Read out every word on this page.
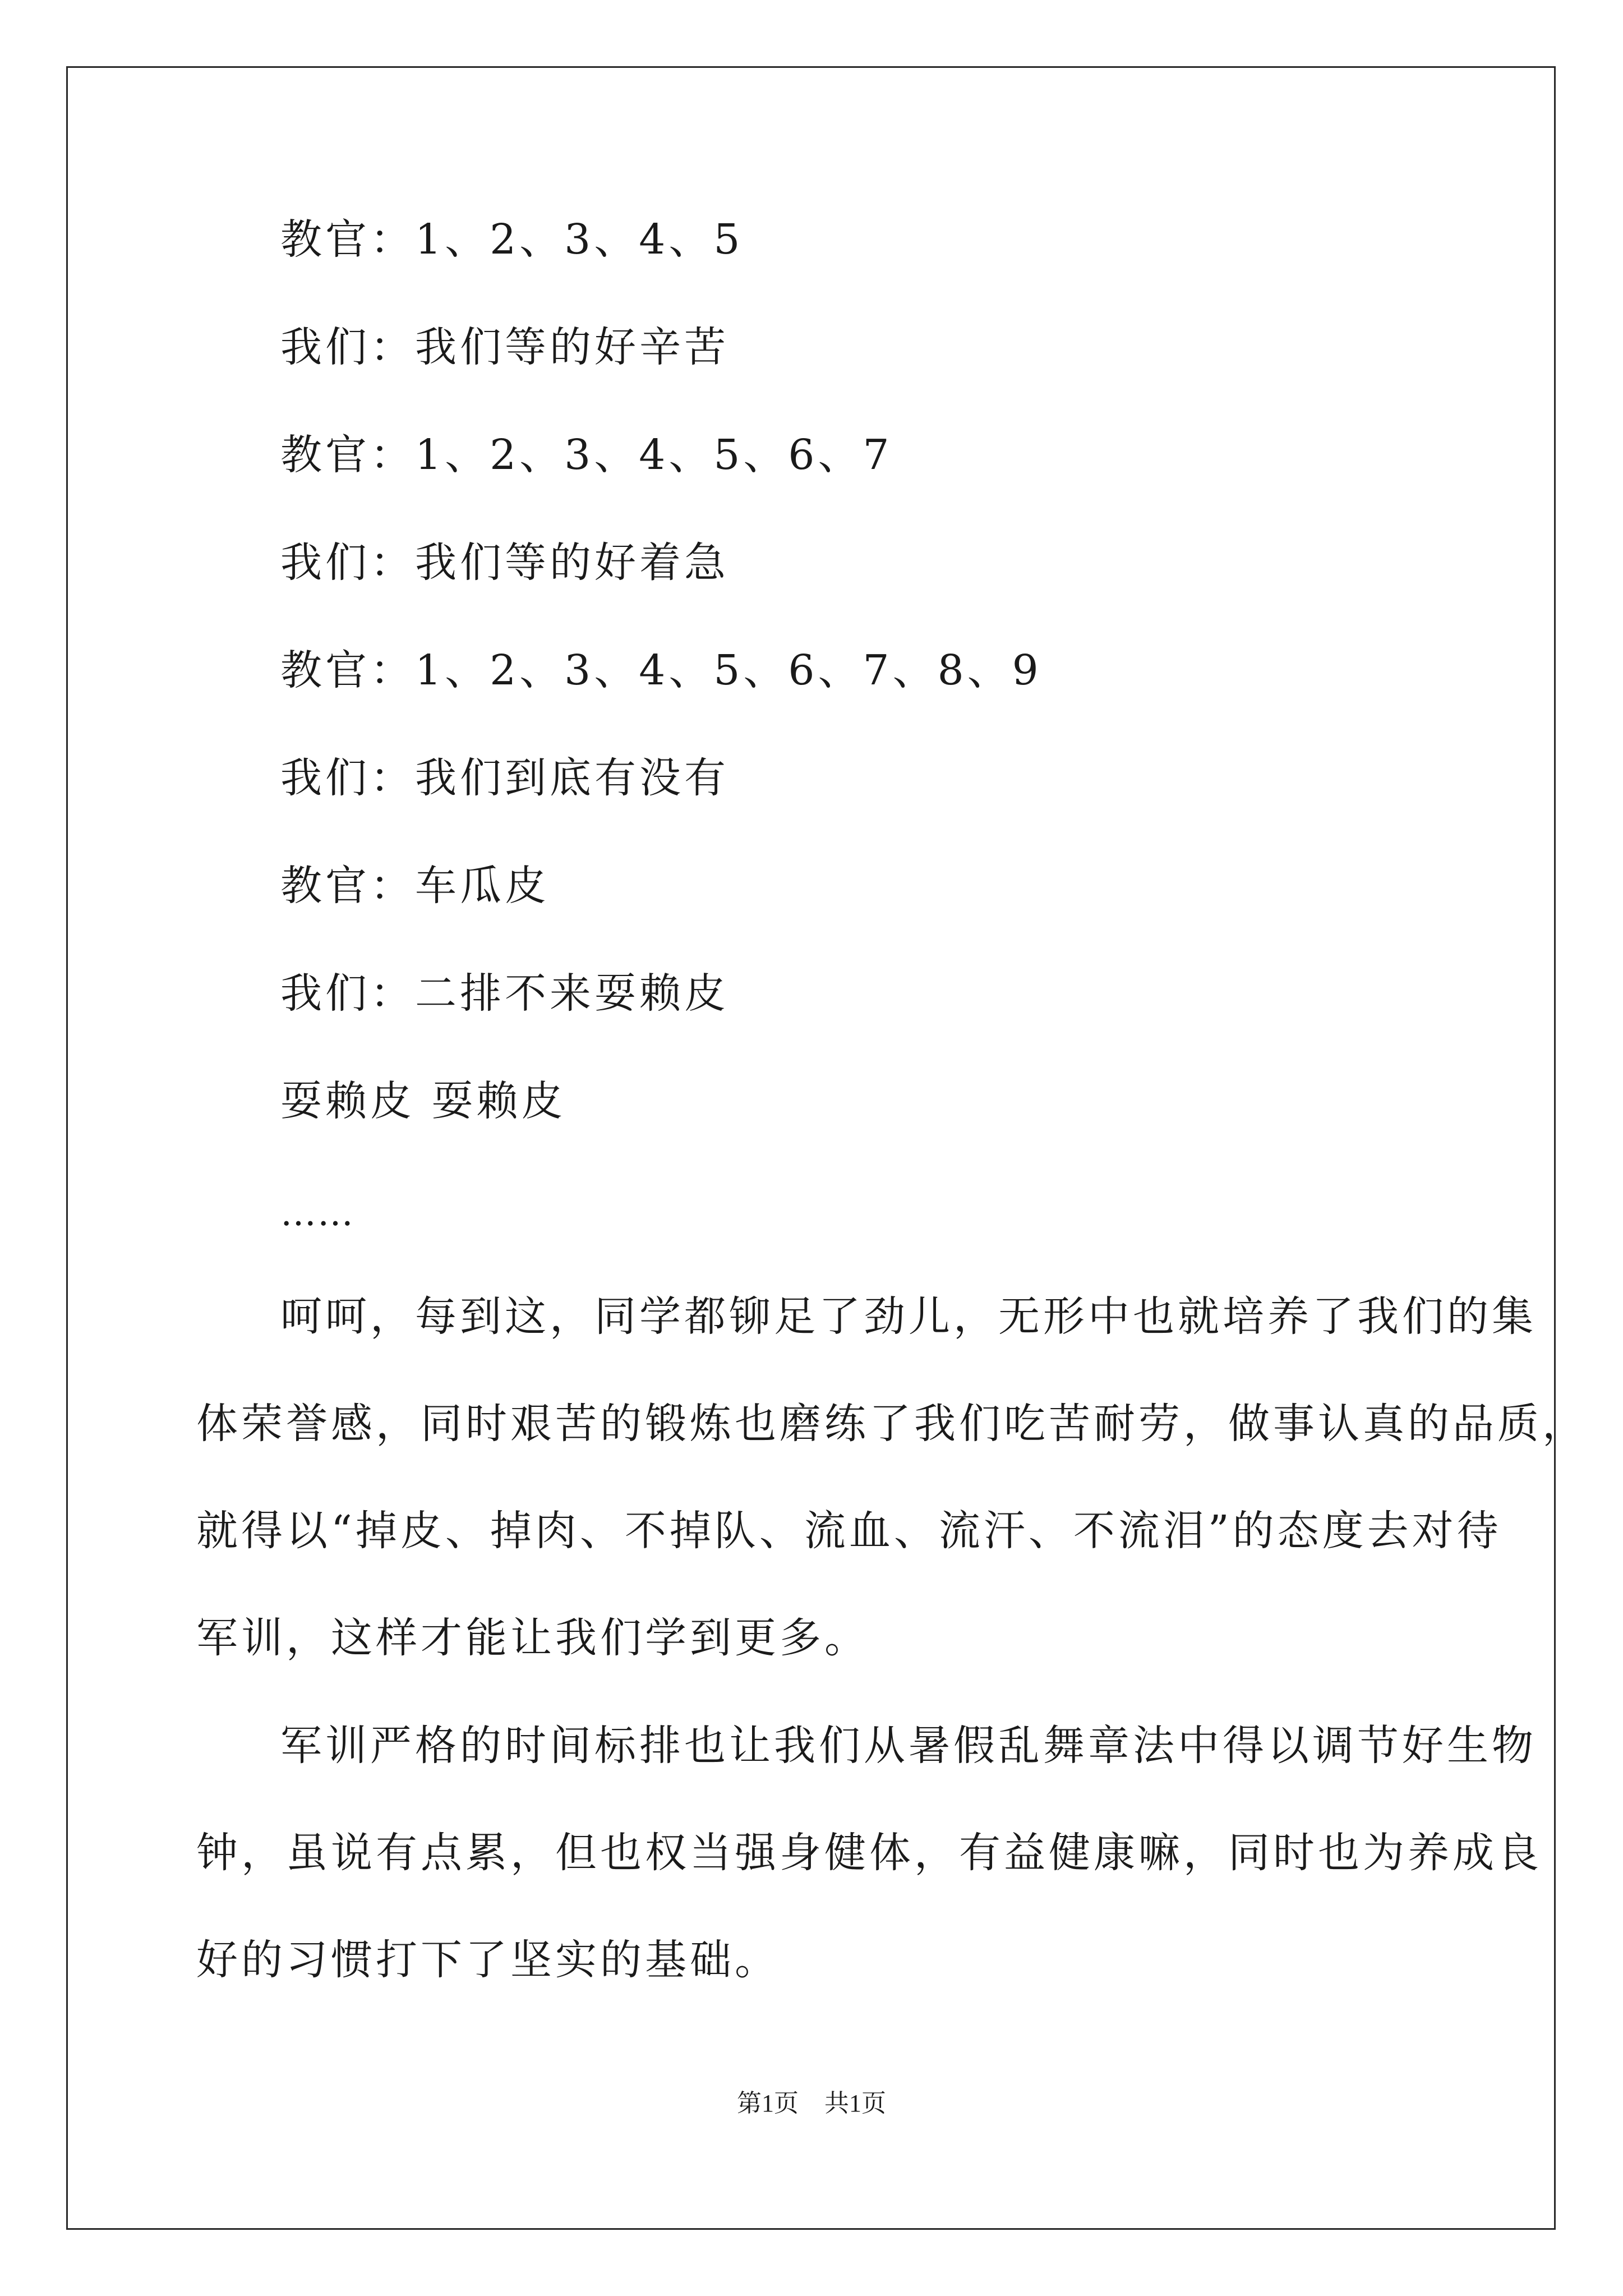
教官：1、2、3、4、5
我们：我们等的好辛苦
教官：1、2、3、4、5、6、7
我们：我们等的好着急
教官：1、2、3、4、5、6、7、8、9
我们：我们到底有没有
教官：车瓜皮
我们：二排不来耍赖皮
耍赖皮 耍赖皮
……
呵呵，每到这，同学都铆足了劲儿，无形中也就培养了我们的集
体荣誉感，同时艰苦的锻炼也磨练了我们吃苦耐劳，做事认真的品质，
就得以“掉皮、掉肉、不掉队、流血、流汗、不流泪”的态度去对待
军训，这样才能让我们学到更多。
军训严格的时间标排也让我们从暑假乱舞章法中得以调节好生物
钟，虽说有点累，但也权当强身健体，有益健康嘛，同时也为养成良
好的习惯打下了坚实的基础。
第1页 共1页
